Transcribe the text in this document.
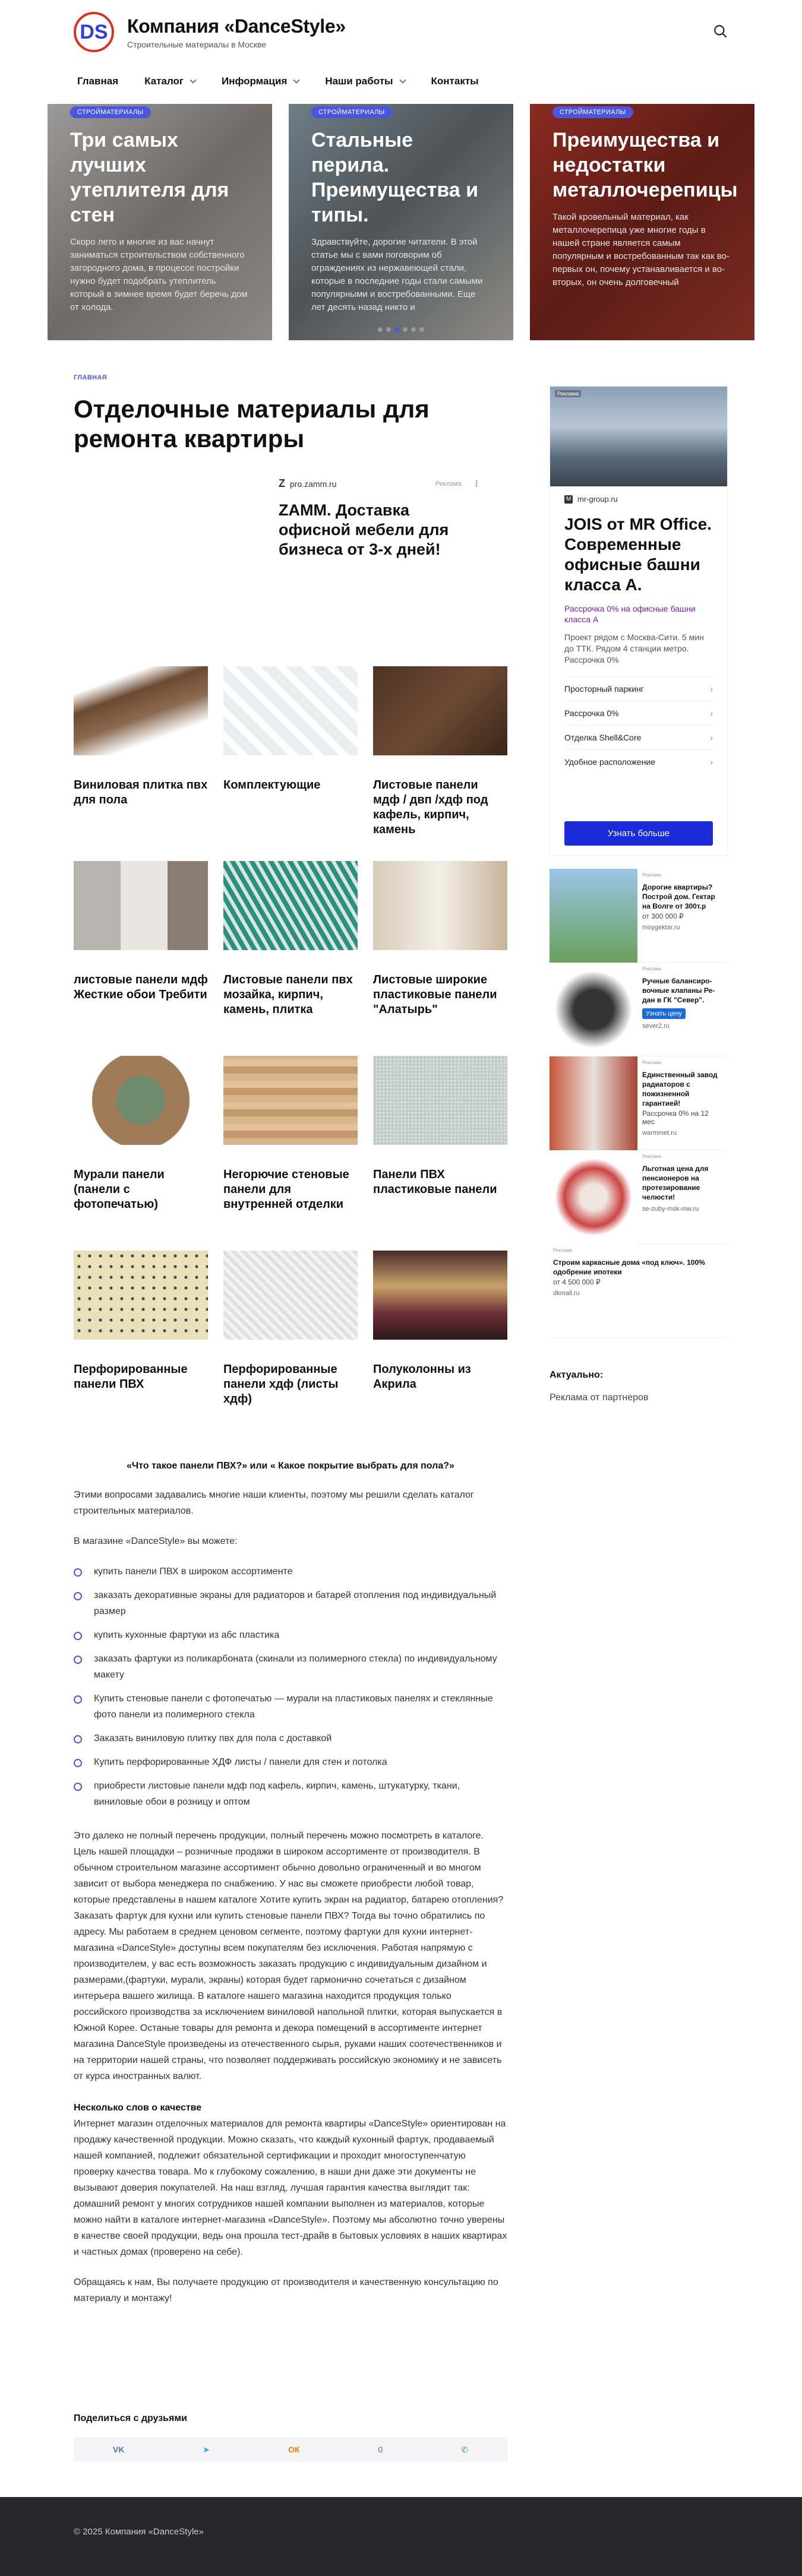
DS	Компания «DanceStyle»
Строительные материалы в Москве
Главная	Каталог	Информация	Наши работы	Контакты
СТРОЙМАТЕРИАЛЫ
Три самых лучших утеплителя для стен

Скоро лето и многие из вас начнут заниматься строительством собственного загородного дома, в процессе постройки нужно будет подобрать утеплитель который в зимнее время будет беречь дом от холода.

СТРОЙМАТЕРИАЛЫ
Стальные перила. Преимущества и типы.

Здравствуйте, дорогие читатели. В этой статье мы с вами поговорим об ограждениях из нержавеющей стали, которые в последние годы стали самыми популярными и востребованными. Еще лет десять назад никто и

СТРОЙМАТЕРИАЛЫ
Преимущества и недостатки металлочерепицы

Такой кровельный материал, как металлочерепица уже многие годы в нашей стране является самым популярным и востребованным так как во-первых он, почему устанавливается и во-вторых, он очень долговечный

ГЛАВНАЯ
Отделочные материалы для ремонта квартиры
Z pro.zamm.ru	Реклама ⋮
ZAMM. Доставка офисной мебели для бизнеса от 3-х дней!
Виниловая плитка пвх для пола
Комплектующие	Листовые панели мдф / двп /хдф под кафель, кирпич, камень
листовые панели мдф Жесткие обои Требити
Листовые панели пвх мозайка, кирпич, камень, плитка
Листовые широкие пластиковые панели "Алатырь"
Мурали панели (панели с фотопечатью)
Негорючие стеновые панели для внутренней отделки
Панели ПВХ пластиковые панели
Перфорированные панели ПВХ
Перфорированные панели хдф (листы хдф)
Полуколонны из Акрила
«Что такое панели ПВХ?» или « Какое покрытие выбрать для пола?»

Этими вопросами задавались многие наши клиенты, поэтому мы решили сделать каталог строительных материалов.

В магазине «DanceStyle» вы можете:

купить панели ПВХ в широком ассортименте
заказать декоративные экраны для радиаторов и батарей отопления под индивидуальный размер
купить кухонные фартуки из абс пластика
заказать фартуки из поликарбоната (скинали из полимерного стекла) по индивидуальному макету
Купить стеновые панели с фотопечатью — мурали на пластиковых панелях и стеклянные фото панели из полимерного стекла
Заказать виниловую плитку пвх для пола с доставкой
Купить перфорированные ХДФ листы / панели для стен и потолка
приобрести листовые панели мдф под кафель, кирпич, камень, штукатурку, ткани, виниловые обои в розницу и оптом

Это далеко не полный перечень продукции, полный перечень можно посмотреть в каталоге. Цель нашей площадки – розничные продажи в широком ассортименте от производителя. В обычном строительном магазине ассортимент обычно довольно ограниченный и во многом зависит от выбора менеджера по снабжению. У нас вы сможете приобрести любой товар, которые представлены в нашем каталоге Хотите купить экран на радиатор, батарею отопления? Заказать фартук для кухни или купить стеновые панели ПВХ? Тогда вы точно обратились по адресу. Мы работаем в среднем ценовом сегменте, поэтому фартуки для кухни интернет-магазина «DanceStyle» доступны всем покупателям без исключения. Работая напрямую с производителем, у вас есть возможность заказать продукцию с индивидуальным дизайном и размерами,(фартуки, мурали, экраны) которая будет гармонично сочетаться с дизайном интерьера вашего жилища. В каталоге нашего магазина находится продукция только российского производства за исключением виниловой напольной плитки, которая выпускается в Южной Корее. Останые товары для ремонта и декора помещений в ассортименте интернет магазина DanceStyle произведены из отечественного сырья, руками наших соотечественников и на территории нашей страны, что позволяет поддерживать российскую экономику и не зависеть от курса иностранных валют.

Несколько слов о качестве

Интернет магазин отделочных материалов для ремонта квартиры «DanceStyle» ориентирован на продажу качественной продукции. Можно сказать, что каждый кухонный фартук, продаваемый нашей компанией, подлежит обязательной сертификации и проходит многоступенчатую проверку качества товара. Мо к глубокому сожалению, в наши дни даже эти документы не вызывают доверия покупателей. На наш взгляд, лучшая гарантия качества выглядит так: домашний ремонт у многих сотрудников нашей компании выполнен из материалов, которые можно найти в каталоге интернет-магазина «DanceStyle». Поэтому мы абсолютно точно уверены в качестве своей продукции, ведь она прошла тест-драйв в бытовых условиях в наших квартирах и частных домах (проверено на себе).

Обращаясь к нам, Вы получаете продукцию от производителя и качественную консультацию по материалу и монтажу!

Поделиться с друзьями
VK	➤	ОК	0	✆
Реклама
M mr-group.ru
JOIS от MR Office. Современные офисные башни класса А.
Рассрочка 0% на офисные башни класса А
Проект рядом с Москва-Сити. 5 мин до ТТК. Рядом 4 станции метро. Рассрочка 0%
Просторный паркинг ›
Рассрочка 0% ›
Отделка Shell&Core ›
Удобное расположение ›
Узнать больше
Реклама
Дорогие квартиры? Построй дом. Гектар на Волге от 300т.р
от 300 000 ₽
moygektar.ru
Реклама
Ручные балансиро-вочные клапаны Ре-дан в ГК "Север".
Узнать цену
sever2.ru
Реклама
Единственный завод радиаторов с пожизненной гарантией!
Рассрочка 0% на 12 мес
warmmet.ru
Реклама
Льготная цена для пенсионеров на протезирование челюсти!
se-zuby-msk-mw.ru
Реклама
Строим каркасные дома «под ключ». 100% одобрение ипотеки
от 4 500 000 ₽
dkmall.ru
Актуально:
Реклама от партнеров
© 2025 Компания «DanceStyle»
